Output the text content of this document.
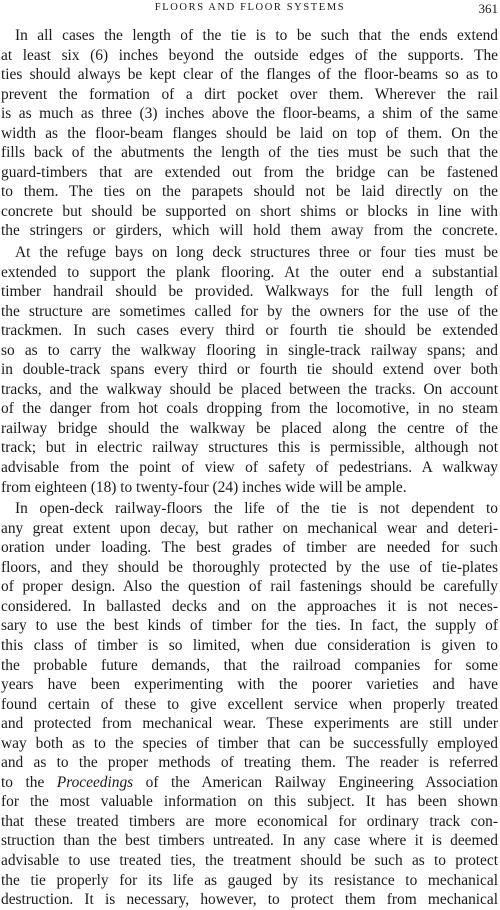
FLOORS AND FLOOR SYSTEMS	361
In all cases the length of the tie is to be such that the ends extend
at least six (6) inches beyond the outside edges of the supports. The
ties should always be kept clear of the flanges of the floor-beams so as to
prevent the formation of a dirt pocket over them. Wherever the rail
is as much as three (3) inches above the floor-beams, a shim of the same
width as the floor-beam flanges should be laid on top of them. On the
fills back of the abutments the length of the ties must be such that the
guard-timbers that are extended out from the bridge can be fastened
to them. The ties on the parapets should not be laid directly on the
concrete but should be supported on short shims or blocks in line with
the stringers or girders, which will hold them away from the concrete.
At the refuge bays on long deck structures three or four ties must be
extended to support the plank flooring. At the outer end a substantial
timber handrail should be provided. Walkways for the full length of
the structure are sometimes called for by the owners for the use of the
trackmen. In such cases every third or fourth tie should be extended
so as to carry the walkway flooring in single-track railway spans; and
in double-track spans every third or fourth tie should extend over both
tracks, and the walkway should be placed between the tracks. On account
of the danger from hot coals dropping from the locomotive, in no steam
railway bridge should the walkway be placed along the centre of the
track; but in electric railway structures this is permissible, although not
advisable from the point of view of safety of pedestrians. A walkway
from eighteen (18) to twenty-four (24) inches wide will be ample.
In open-deck railway-floors the life of the tie is not dependent to
any great extent upon decay, but rather on mechanical wear and deteri-
oration under loading. The best grades of timber are needed for such
floors, and they should be thoroughly protected by the use of tie-plates
of proper design. Also the question of rail fastenings should be carefully
considered. In ballasted decks and on the approaches it is not neces-
sary to use the best kinds of timber for the ties. In fact, the supply of
this class of timber is so limited, when due consideration is given to
the probable future demands, that the railroad companies for some
years have been experimenting with the poorer varieties and have
found certain of these to give excellent service when properly treated
and protected from mechanical wear. These experiments are still under
way both as to the species of timber that can be successfully employed
and as to the proper methods of treating them. The reader is referred
to the Proceedings of the American Railway Engineering Association
for the most valuable information on this subject. It has been shown
that these treated timbers are more economical for ordinary track con-
struction than the best timbers untreated. In any case where it is deemed
advisable to use treated ties, the treatment should be such as to protect
the tie properly for its life as gauged by its resistance to mechanical
destruction. It is necessary, however, to protect them from mechanical
